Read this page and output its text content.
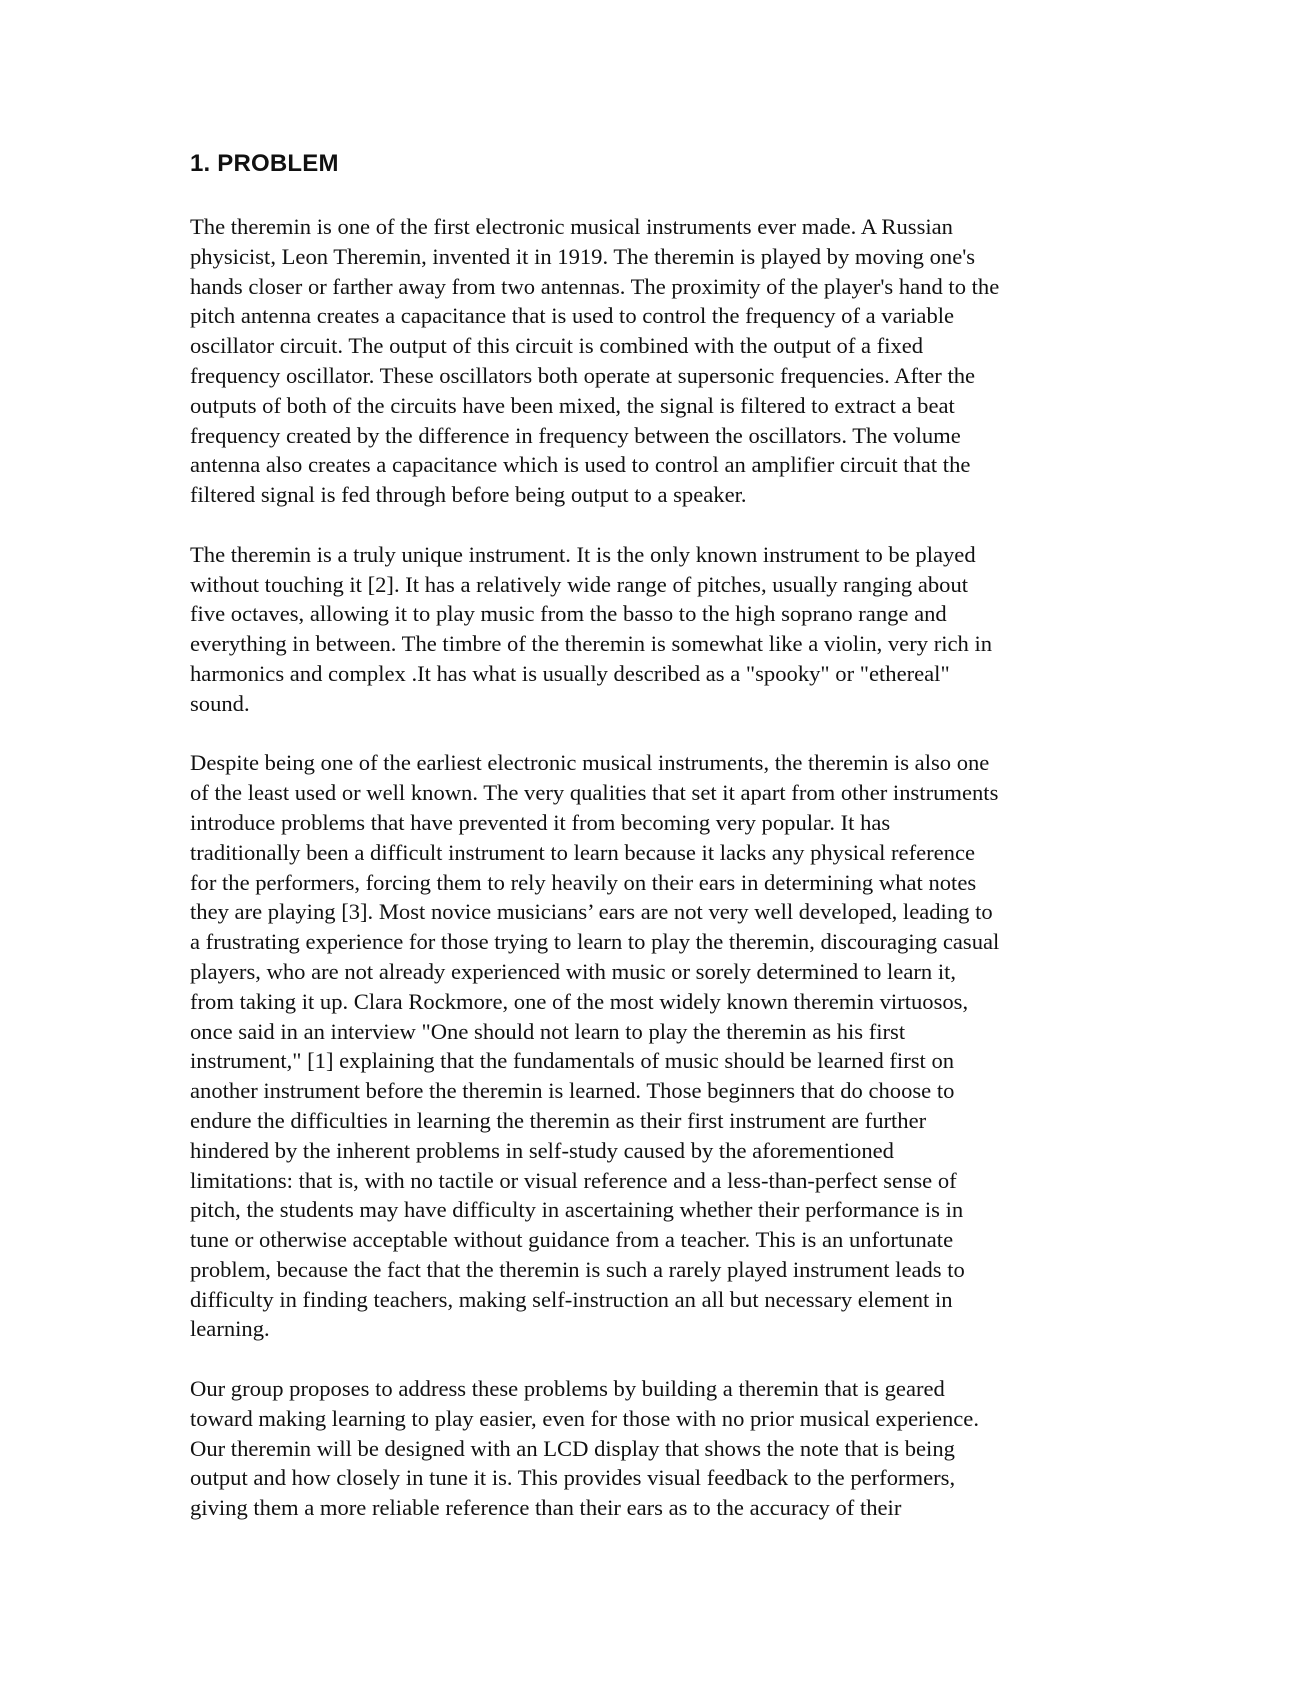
1. PROBLEM

The theremin is one of the first electronic musical instruments ever made. A Russian
physicist, Leon Theremin, invented it in 1919. The theremin is played by moving one's
hands closer or farther away from two antennas. The proximity of the player's hand to the
pitch antenna creates a capacitance that is used to control the frequency of a variable
oscillator circuit. The output of this circuit is combined with the output of a fixed
frequency oscillator. These oscillators both operate at supersonic frequencies. After the
outputs of both of the circuits have been mixed, the signal is filtered to extract a beat
frequency created by the difference in frequency between the oscillators. The volume
antenna also creates a capacitance which is used to control an amplifier circuit that the
filtered signal is fed through before being output to a speaker.

The theremin is a truly unique instrument. It is the only known instrument to be played
without touching it [2]. It has a relatively wide range of pitches, usually ranging about
five octaves, allowing it to play music from the basso to the high soprano range and
everything in between. The timbre of the theremin is somewhat like a violin, very rich in
harmonics and complex .It has what is usually described as a "spooky" or "ethereal"
sound.

Despite being one of the earliest electronic musical instruments, the theremin is also one
of the least used or well known. The very qualities that set it apart from other instruments
introduce problems that have prevented it from becoming very popular. It has
traditionally been a difficult instrument to learn because it lacks any physical reference
for the performers, forcing them to rely heavily on their ears in determining what notes
they are playing [3]. Most novice musicians’ ears are not very well developed, leading to
a frustrating experience for those trying to learn to play the theremin, discouraging casual
players, who are not already experienced with music or sorely determined to learn it,
from taking it up. Clara Rockmore, one of the most widely known theremin virtuosos,
once said in an interview "One should not learn to play the theremin as his first
instrument," [1] explaining that the fundamentals of music should be learned first on
another instrument before the theremin is learned. Those beginners that do choose to
endure the difficulties in learning the theremin as their first instrument are further
hindered by the inherent problems in self-study caused by the aforementioned
limitations: that is, with no tactile or visual reference and a less-than-perfect sense of
pitch, the students may have difficulty in ascertaining whether their performance is in
tune or otherwise acceptable without guidance from a teacher. This is an unfortunate
problem, because the fact that the theremin is such a rarely played instrument leads to
difficulty in finding teachers, making self-instruction an all but necessary element in
learning.

Our group proposes to address these problems by building a theremin that is geared
toward making learning to play easier, even for those with no prior musical experience.
Our theremin will be designed with an LCD display that shows the note that is being
output and how closely in tune it is. This provides visual feedback to the performers,
giving them a more reliable reference than their ears as to the accuracy of their
